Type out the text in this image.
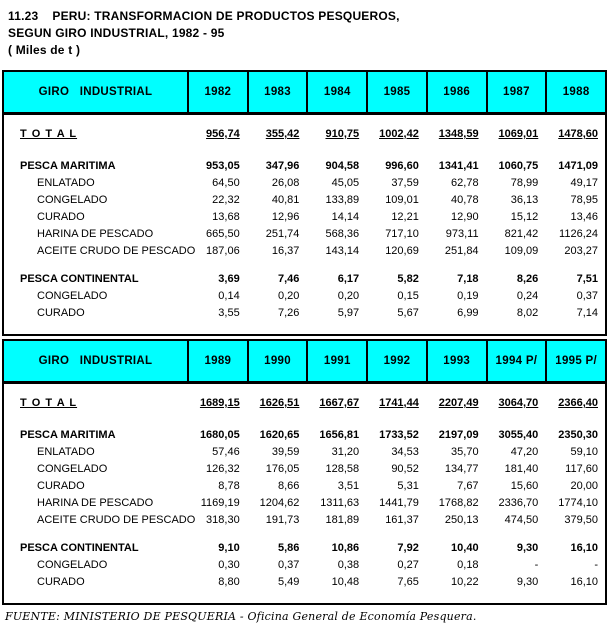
11.23 PERU: TRANSFORMACION DE PRODUCTOS PESQUEROS,
SEGUN GIRO INDUSTRIAL, 1982 - 95
( Miles de t )
GIRO   INDUSTRIAL	1982	1983	1984	1985	1986	1987	1988
T O T A L	956,74	355,42	910,75	1002,42	1348,59	1069,01	1478,60
PESCA MARITIMA	953,05	347,96	904,58	996,60	1341,41	1060,75	1471,09
ENLATADO	64,50	26,08	45,05	37,59	62,78	78,99	49,17
CONGELADO	22,32	40,81	133,89	109,01	40,78	36,13	78,95
CURADO	13,68	12,96	14,14	12,21	12,90	15,12	13,46
HARINA DE PESCADO	665,50	251,74	568,36	717,10	973,11	821,42	1126,24
ACEITE CRUDO DE PESCADO 187,06	16,37	143,14	120,69	251,84	109,09	203,27
PESCA CONTINENTAL	3,69	7,46	6,17	5,82	7,18	8,26	7,51
CONGELADO	0,14	0,20	0,20	0,15	0,19	0,24	0,37
CURADO	3,55	7,26	5,97	5,67	6,99	8,02	7,14
GIRO   INDUSTRIAL	1989	1990	1991	1992	1993	1994 P/	1995 P/
T O T A L	1689,15	1626,51	1667,67	1741,44	2207,49	3064,70	2366,40
PESCA MARITIMA	1680,05	1620,65	1656,81	1733,52	2197,09	3055,40	2350,30
ENLATADO	57,46	39,59	31,20	34,53	35,70	47,20	59,10
CONGELADO	126,32	176,05	128,58	90,52	134,77	181,40	117,60
CURADO	8,78	8,66	3,51	5,31	7,67	15,60	20,00
HARINA DE PESCADO	1169,19	1204,62	1311,63	1441,79	1768,82	2336,70	1774,10
ACEITE CRUDO DE PESCADO 318,30	191,73	181,89	161,37	250,13	474,50	379,50
PESCA CONTINENTAL	9,10	5,86	10,86	7,92	10,40	9,30	16,10
CONGELADO	0,30	0,37	0,38	0,27	0,18	-	-
CURADO	8,80	5,49	10,48	7,65	10,22	9,30	16,10
FUENTE: MINISTERIO DE PESQUERIA - Oficina General de Economía Pesquera.
